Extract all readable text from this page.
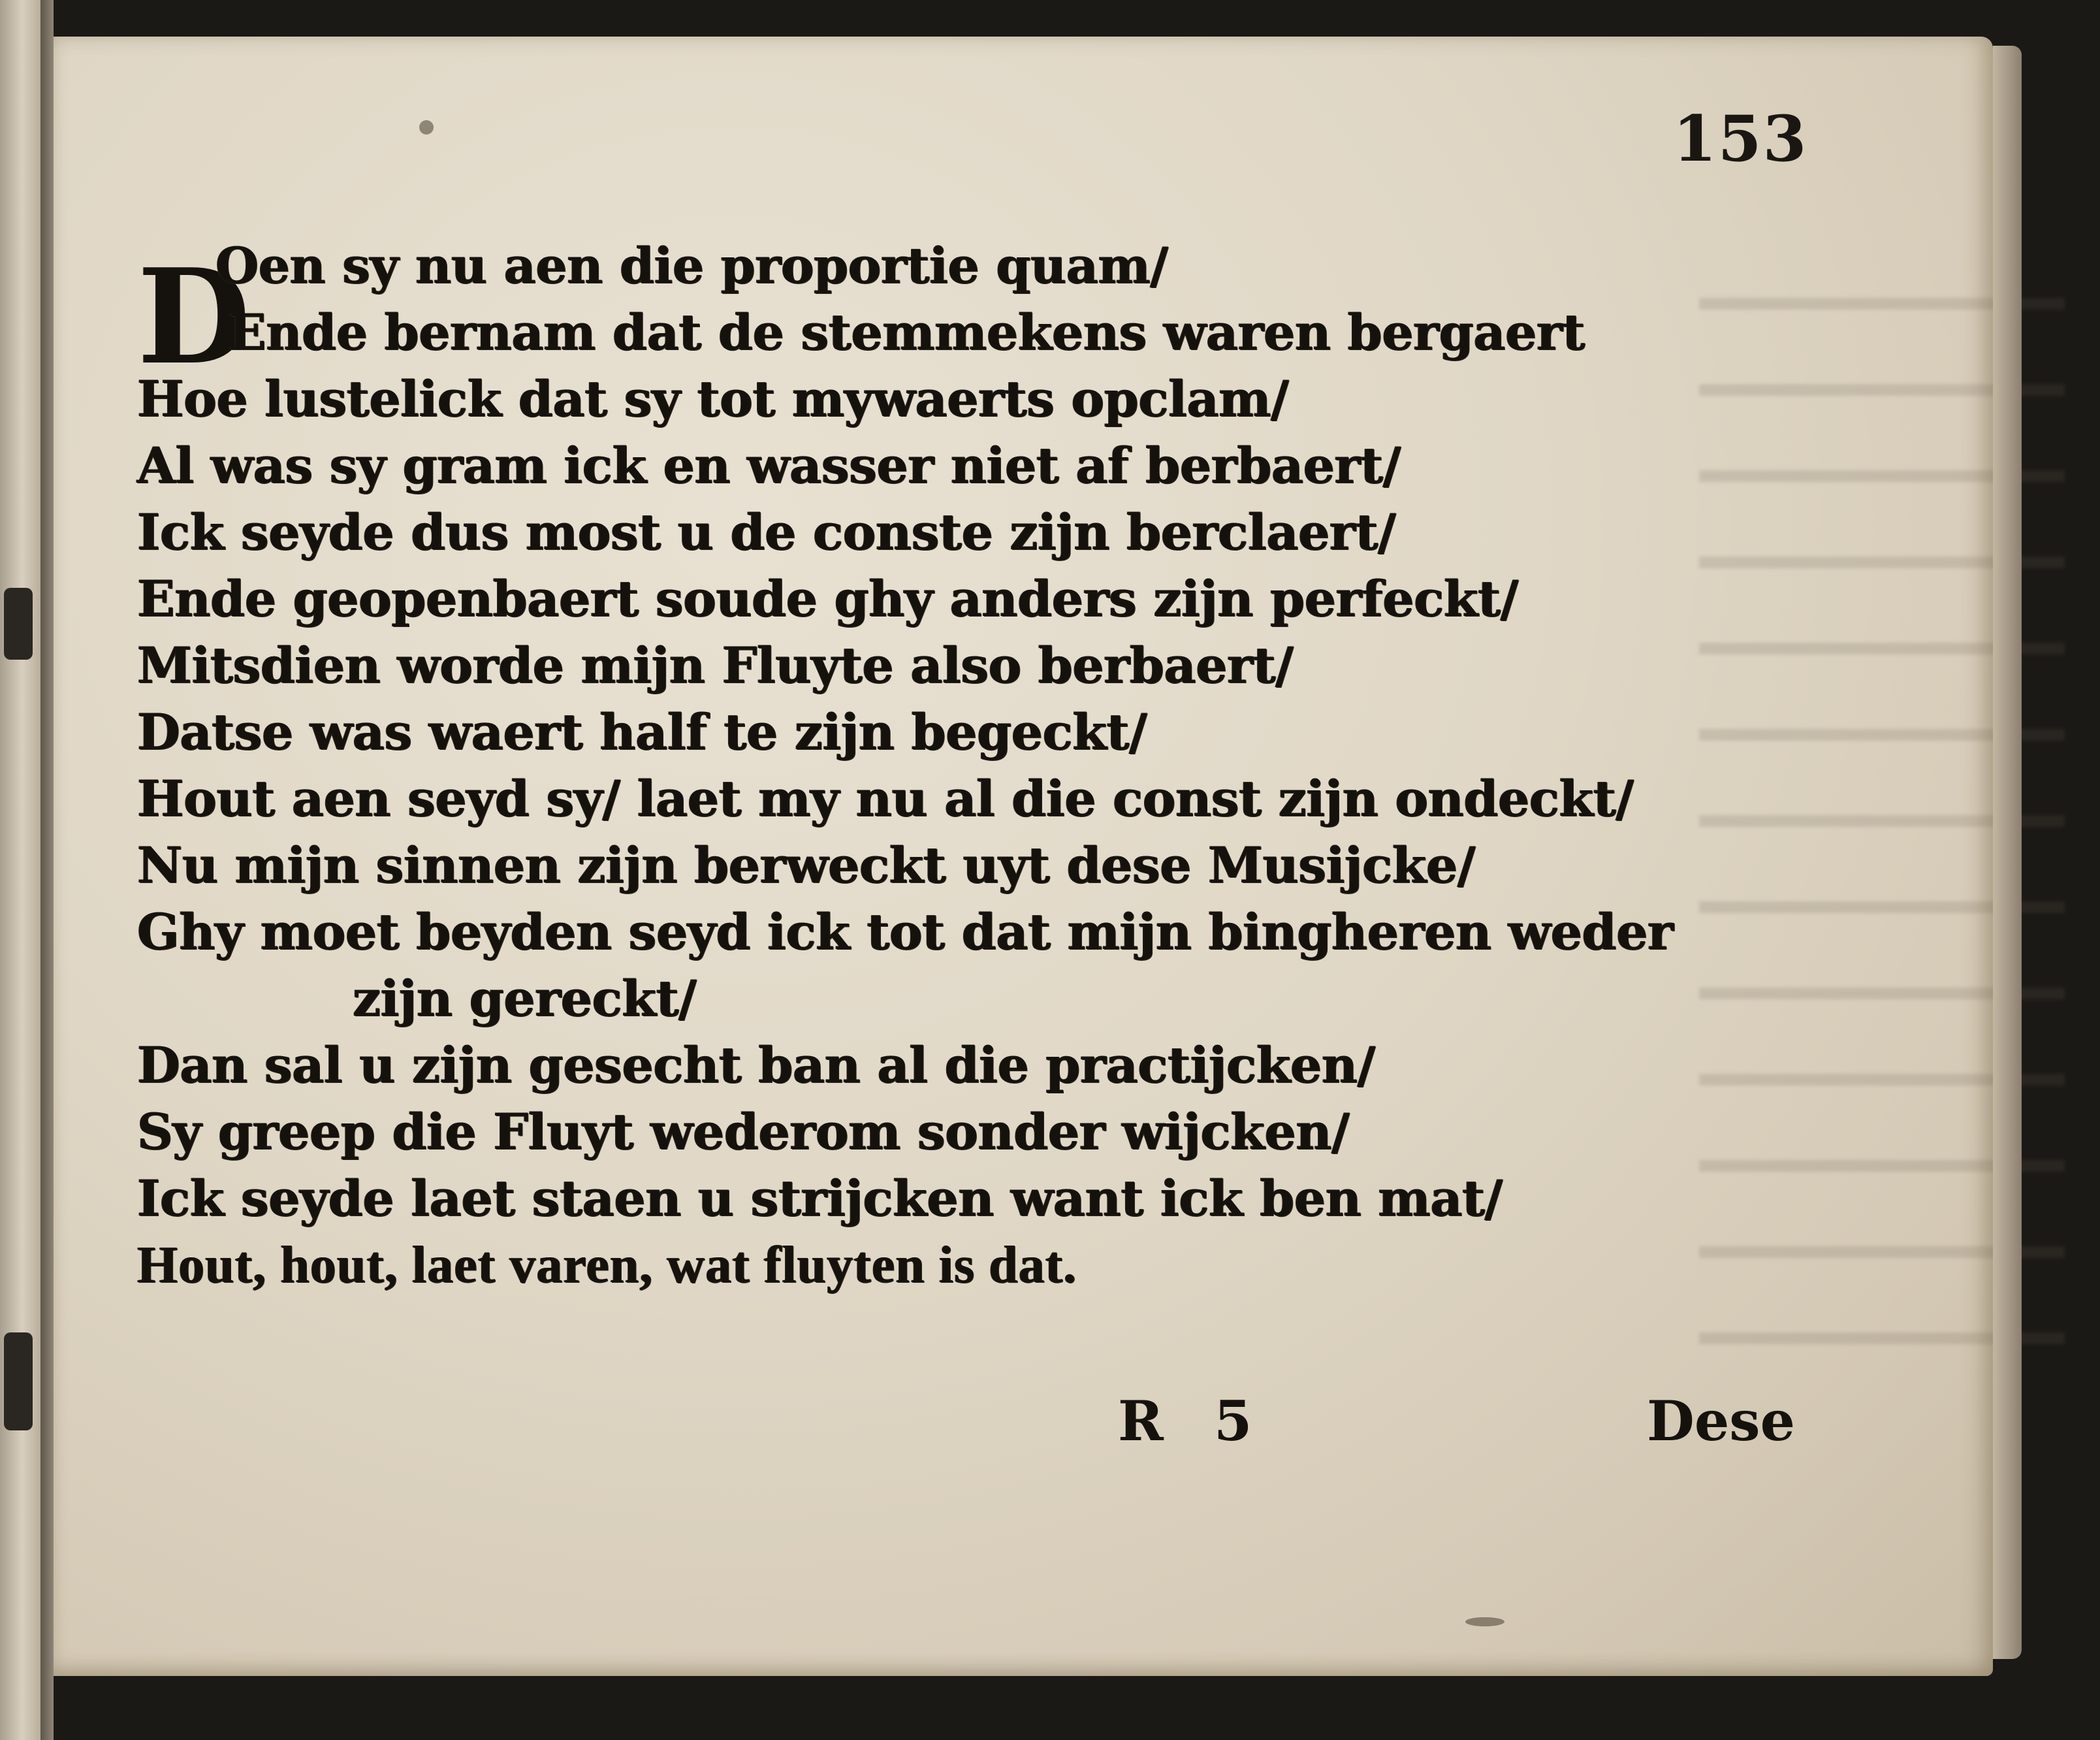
153
D
Oen sy nu aen die proportie quam/
Ende bernam dat de stemmekens waren bergaert
Hoe lustelick dat sy tot mywaerts opclam/
Al was sy gram ick en wasser niet af berbaert/
Ick seyde dus most u de conste zijn berclaert/
Ende geopenbaert soude ghy anders zijn perfeckt/
Mitsdien worde mijn Fluyte also berbaert/
Datse was waert half te zijn begeckt/
Hout aen seyd sy/ laet my nu al die const zijn ondeckt/
Nu mijn sinnen zijn berweckt uyt dese Musijcke/
Ghy moet beyden seyd ick tot dat mijn bingheren weder
zijn gereckt/
Dan sal u zijn gesecht ban al die practijcken/
Sy greep die Fluyt wederom sonder wijcken/
Ick seyde laet staen u strijcken want ick ben mat/
Hout, hout, laet varen, wat fluyten is dat.
R 5	Dese
